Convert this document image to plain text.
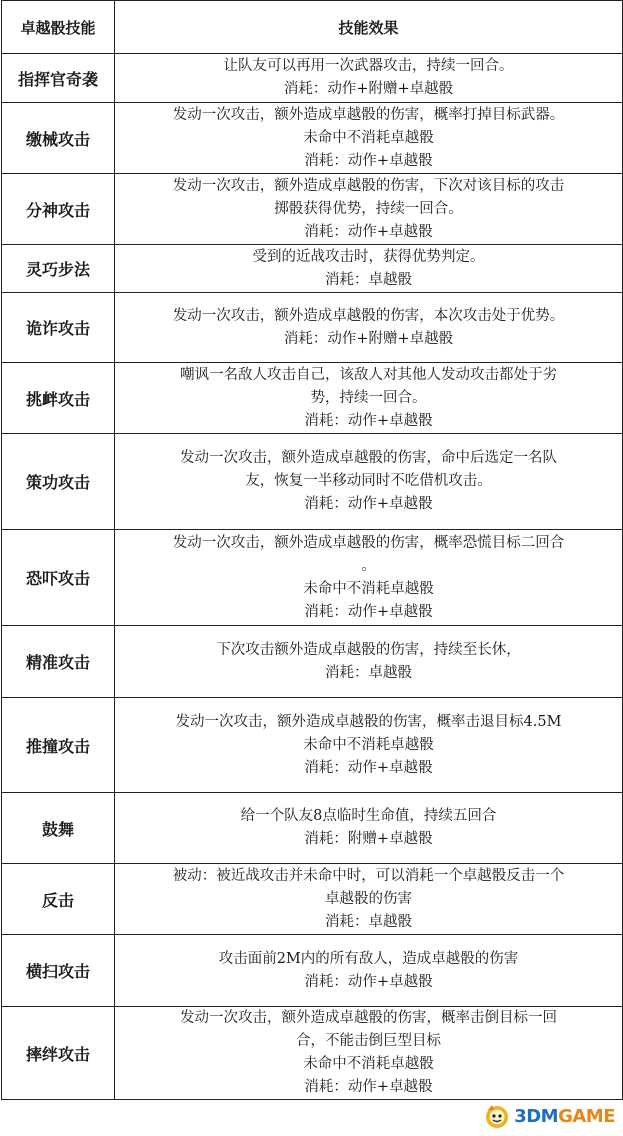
卓越骰技能	技能效果
指挥官奇袭	让队友可以再用一次武器攻击，持续一回合。
消耗：动作+附赠+卓越骰

缴械攻击	发动一次攻击，额外造成卓越骰的伤害，概率打掉目标武器。
未命中不消耗卓越骰
消耗：动作+卓越骰

分神攻击	发动一次攻击，额外造成卓越骰的伤害，下次对该目标的攻击
掷骰获得优势，持续一回合。
消耗：动作+卓越骰

灵巧步法	受到的近战攻击时，获得优势判定。
消耗：卓越骰

诡诈攻击	发动一次攻击，额外造成卓越骰的伤害，本次攻击处于优势。
消耗：动作+附赠+卓越骰

挑衅攻击	嘲讽一名敌人攻击自己，该敌人对其他人发动攻击都处于劣
势，持续一回合。
消耗：动作+卓越骰

策功攻击	发动一次攻击，额外造成卓越骰的伤害，命中后选定一名队
友，恢复一半移动同时不吃借机攻击。
消耗：动作+卓越骰

恐吓攻击	发动一次攻击，额外造成卓越骰的伤害，概率恐慌目标二回合
。
未命中不消耗卓越骰
消耗：动作+卓越骰

精准攻击	下次攻击额外造成卓越骰的伤害，持续至长休，
消耗：卓越骰

推撞攻击	发动一次攻击，额外造成卓越骰的伤害，概率击退目标4.5M
未命中不消耗卓越骰
消耗：动作+卓越骰

鼓舞	给一个队友8点临时生命值，持续五回合
消耗：附赠+卓越骰

反击	被动：被近战攻击并未命中时，可以消耗一个卓越骰反击一个
卓越骰的伤害
消耗：卓越骰

横扫攻击	攻击面前2M内的所有敌人，造成卓越骰的伤害
消耗：动作+卓越骰

摔绊攻击	发动一次攻击，额外造成卓越骰的伤害，概率击倒目标一回
合，不能击倒巨型目标
未命中不消耗卓越骰
消耗：动作+卓越骰
3DMGAME
